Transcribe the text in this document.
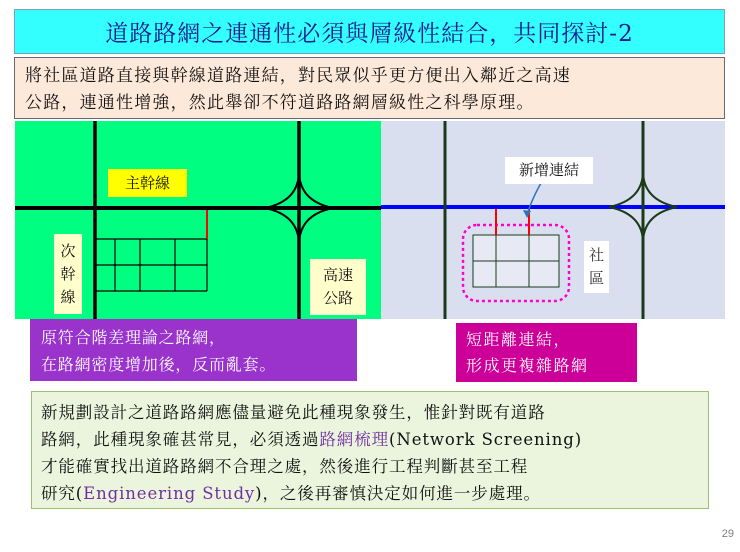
道路路網之連通性必須與層級性結合，共同探討-2
將社區道路直接與幹線道路連結，對民眾似乎更方便出入鄰近之高速
公路，連通性增強，然此舉卻不符道路路網層級性之科學原理。
主幹線
次
幹
線
高速
公路
新增連結
社
區
原符合階差理論之路網，
在路網密度增加後，反而亂套。
短距離連結，
形成更複雜路網
新規劃設計之道路路網應儘量避免此種現象發生，惟針對既有道路
路網，此種現象確甚常見，必須透過路網梳理(Network Screening)
才能確實找出道路路網不合理之處，然後進行工程判斷甚至工程
研究(Engineering Study)，之後再審慎決定如何進一步處理。
29
